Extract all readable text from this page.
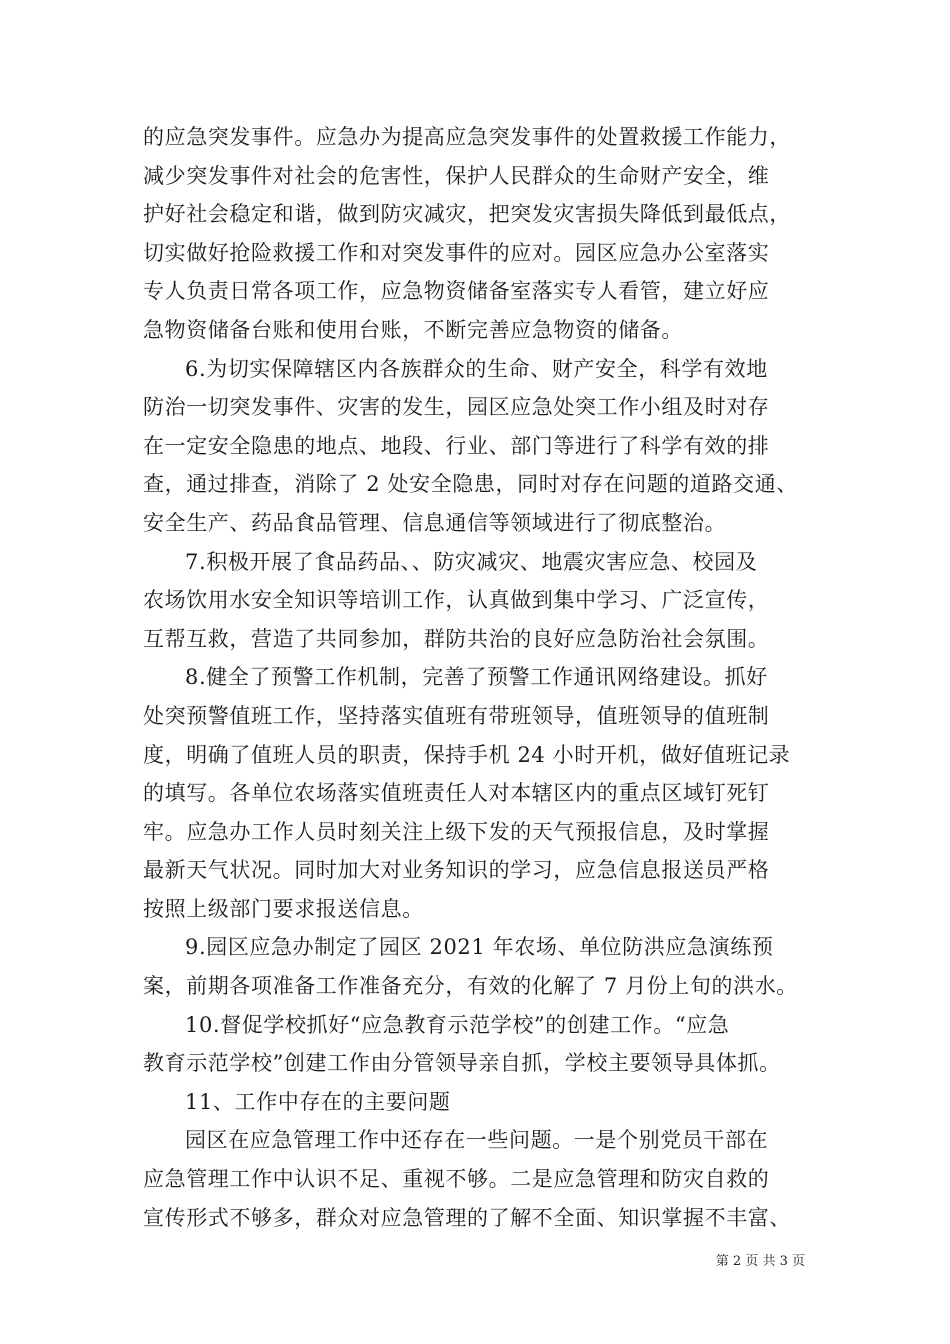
的应急突发事件。应急办为提高应急突发事件的处置救援工作能力，
减少突发事件对社会的危害性，保护人民群众的生命财产安全，维
护好社会稳定和谐，做到防灾减灾，把突发灾害损失降低到最低点，
切实做好抢险救援工作和对突发事件的应对。园区应急办公室落实
专人负责日常各项工作，应急物资储备室落实专人看管，建立好应
急物资储备台账和使用台账，不断完善应急物资的储备。
6.为切实保障辖区内各族群众的生命、财产安全，科学有效地
防治一切突发事件、灾害的发生，园区应急处突工作小组及时对存
在一定安全隐患的地点、地段、行业、部门等进行了科学有效的排
查，通过排查，消除了 2 处安全隐患，同时对存在问题的道路交通、
安全生产、药品食品管理、信息通信等领域进行了彻底整治。
7.积极开展了食品药品、、防灾减灾、地震灾害应急、校园及
农场饮用水安全知识等培训工作，认真做到集中学习、广泛宣传，
互帮互救，营造了共同参加，群防共治的良好应急防治社会氛围。
8.健全了预警工作机制，完善了预警工作通讯网络建设。抓好
处突预警值班工作，坚持落实值班有带班领导，值班领导的值班制
度，明确了值班人员的职责，保持手机 24 小时开机，做好值班记录
的填写。各单位农场落实值班责任人对本辖区内的重点区域钉死钉
牢。应急办工作人员时刻关注上级下发的天气预报信息，及时掌握
最新天气状况。同时加大对业务知识的学习，应急信息报送员严格
按照上级部门要求报送信息。
9.园区应急办制定了园区 2021 年农场、单位防洪应急演练预
案，前期各项准备工作准备充分，有效的化解了 7 月份上旬的洪水。
10.督促学校抓好“应急教育示范学校”的创建工作。“应急
教育示范学校”创建工作由分管领导亲自抓，学校主要领导具体抓。
11、工作中存在的主要问题
园区在应急管理工作中还存在一些问题。一是个别党员干部在
应急管理工作中认识不足、重视不够。二是应急管理和防灾自救的
宣传形式不够多，群众对应急管理的了解不全面、知识掌握不丰富、
第 2 页 共 3 页
